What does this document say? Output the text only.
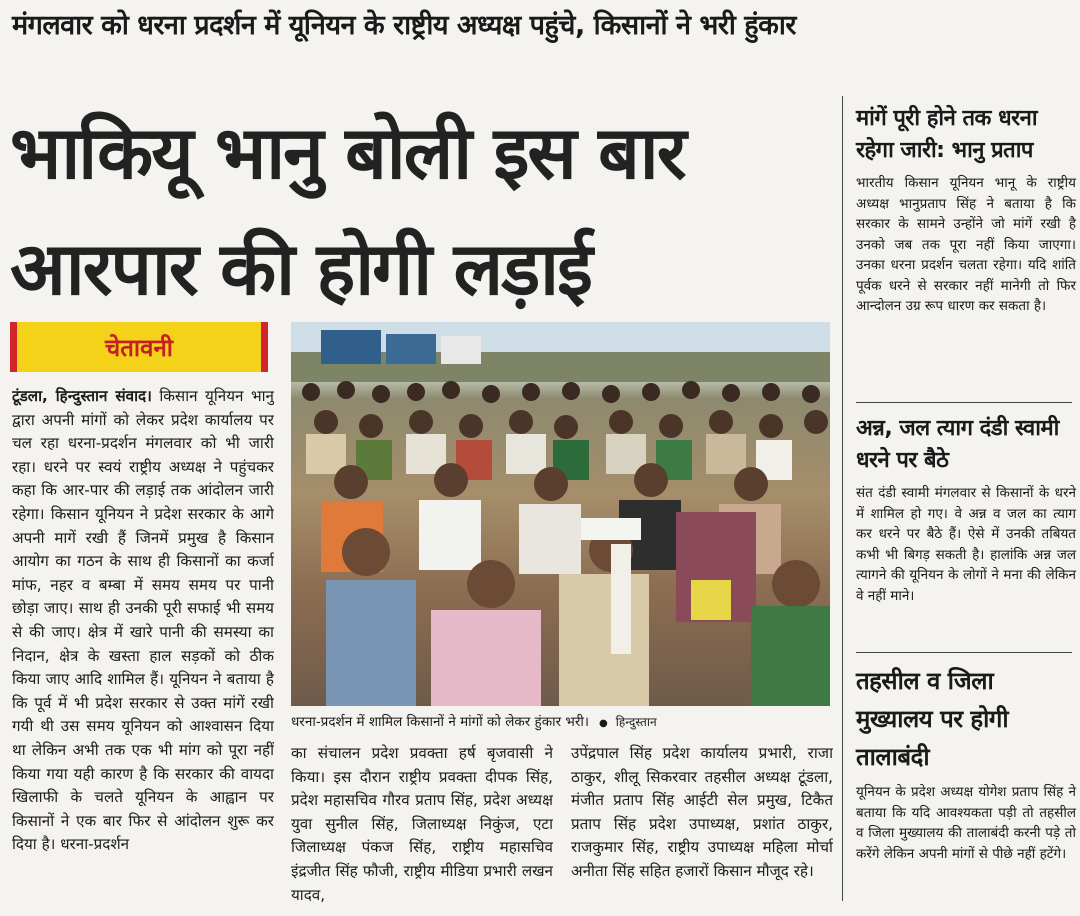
मंगलवार को धरना प्रदर्शन में यूनियन के राष्ट्रीय अध्यक्ष पहुंचे, किसानों ने भरी हुंकार
भाकियू भानु बोली इस बार
आरपार की होगी लड़ाई
चेतावनी

टूंडला, हिन्दुस्तान संवाद। किसान यूनियन भानु द्वारा अपनी मांगों को लेकर प्रदेश कार्यालय पर चल रहा धरना-प्रदर्शन मंगलवार को भी जारी रहा। धरने पर स्वयं राष्ट्रीय अध्यक्ष ने पहुंचकर कहा कि आर-पार की लड़ाई तक आंदोलन जारी रहेगा। किसान यूनियन ने प्रदेश सरकार के आगे अपनी मागें रखी हैं जिनमें प्रमुख है किसान आयोग का गठन के साथ ही किसानों का कर्जा मांफ, नहर व बम्बा में समय समय पर पानी छोड़ा जाए। साथ ही उनकी पूरी सफाई भी समय से की जाए। क्षेत्र में खारे पानी की समस्या का निदान, क्षेत्र के खस्ता हाल सड़कों को ठीक किया जाए आदि शामिल हैं। यूनियन ने बताया है कि पूर्व में भी प्रदेश सरकार से उक्त मांगें रखी गयी थी उस समय यूनियन को आश्वासन दिया था लेकिन अभी तक एक भी मांग को पूरा नहीं किया गया यही कारण है कि सरकार की वायदा खिलाफी के चलते यूनियन के आह्वान पर किसानों ने एक बार फिर से आंदोलन शुरू कर दिया है। धरना-प्रदर्शन

धरना-प्रदर्शन में शामिल किसानों ने मांगों को लेकर हुंकार भरी। ● हिन्दुस्तान

का संचालन प्रदेश प्रवक्ता हर्ष बृजवासी ने किया। इस दौरान राष्ट्रीय प्रवक्ता दीपक सिंह, प्रदेश महासचिव गौरव प्रताप सिंह, प्रदेश अध्यक्ष युवा सुनील सिंह, जिलाध्यक्ष निकुंज, एटा जिलाध्यक्ष पंकज सिंह, राष्ट्रीय महासचिव इंद्रजीत सिंह फौजी, राष्ट्रीय मीडिया प्रभारी लखन यादव,

उपेंद्रपाल सिंह प्रदेश कार्यालय प्रभारी, राजा ठाकुर, शीलू सिकरवार तहसील अध्यक्ष टूंडला, मंजीत प्रताप सिंह आईटी सेल प्रमुख, टिकैत प्रताप सिंह प्रदेश उपाध्यक्ष, प्रशांत ठाकुर, राजकुमार सिंह, राष्ट्रीय उपाध्यक्ष महिला मोर्चा अनीता सिंह सहित हजारों किसान मौजूद रहे।

मांगें पूरी होने तक धरना रहेगा जारी: भानु प्रताप

भारतीय किसान यूनियन भानू के राष्ट्रीय अध्यक्ष भानुप्रताप सिंह ने बताया है कि सरकार के सामने उन्होंने जो मांगें रखी है उनको जब तक पूरा नहीं किया जाएगा। उनका धरना प्रदर्शन चलता रहेगा। यदि शांति पूर्वक धरने से सरकार नहीं मानेगी तो फिर आन्दोलन उग्र रूप धारण कर सकता है।

अन्न, जल त्याग दंडी स्वामी धरने पर बैठे

संत दंडी स्वामी मंगलवार से किसानों के धरने में शामिल हो गए। वे अन्न व जल का त्याग कर धरने पर बैठे हैं। ऐसे में उनकी तबियत कभी भी बिगड़ सकती है। हालांकि अन्न जल त्यागने की यूनियन के लोगों ने मना की लेकिन वे नहीं माने।

तहसील व जिला मुख्यालय पर होगी तालाबंदी

यूनियन के प्रदेश अध्यक्ष योगेश प्रताप सिंह ने बताया कि यदि आवश्यकता पड़ी तो तहसील व जिला मुख्यालय की तालाबंदी करनी पड़े तो करेंगे लेकिन अपनी मांगों से पीछे नहीं हटेंगे।
